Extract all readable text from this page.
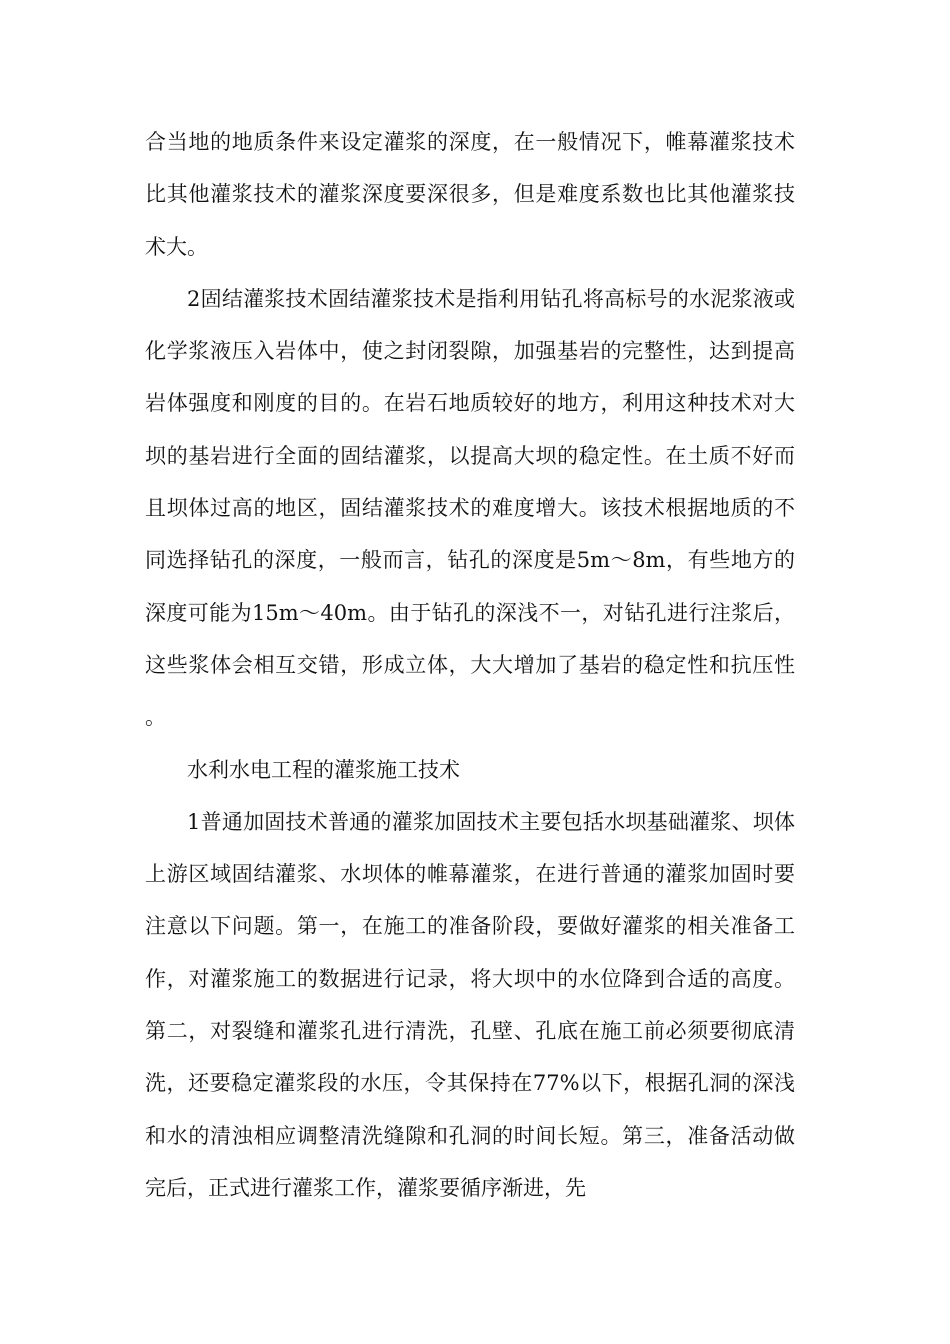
合当地的地质条件来设定灌浆的深度，在一般情况下，帷幕灌浆技术比其他灌浆技术的灌浆深度要深很多，但是难度系数也比其他灌浆技术大。

2固结灌浆技术固结灌浆技术是指利用钻孔将高标号的水泥浆液或化学浆液压入岩体中，使之封闭裂隙，加强基岩的完整性，达到提高岩体强度和刚度的目的。在岩石地质较好的地方，利用这种技术对大坝的基岩进行全面的固结灌浆，以提高大坝的稳定性。在土质不好而且坝体过高的地区，固结灌浆技术的难度增大。该技术根据地质的不同选择钻孔的深度，一般而言，钻孔的深度是5m～8m，有些地方的深度可能为15m～40m。由于钻孔的深浅不一，对钻孔进行注浆后，这些浆体会相互交错，形成立体，大大增加了基岩的稳定性和抗压性。

水利水电工程的灌浆施工技术

1普通加固技术普通的灌浆加固技术主要包括水坝基础灌浆、坝体上游区域固结灌浆、水坝体的帷幕灌浆，在进行普通的灌浆加固时要注意以下问题。第一，在施工的准备阶段，要做好灌浆的相关准备工作，对灌浆施工的数据进行记录，将大坝中的水位降到合适的高度。第二，对裂缝和灌浆孔进行清洗，孔壁、孔底在施工前必须要彻底清洗，还要稳定灌浆段的水压，令其保持在77%以下，根据孔洞的深浅和水的清浊相应调整清洗缝隙和孔洞的时间长短。第三，准备活动做完后，正式进行灌浆工作，灌浆要循序渐进，先
